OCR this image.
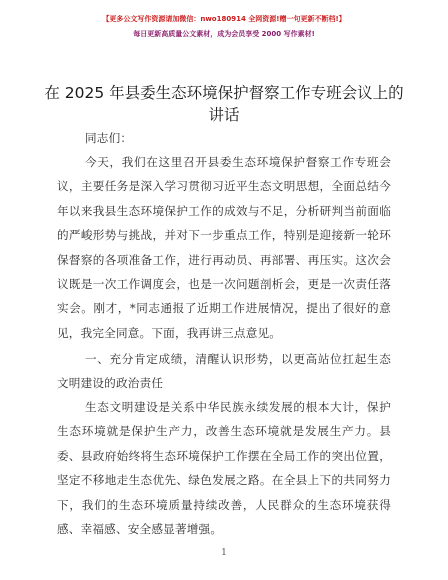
【更多公文写作资源请加微信：nwo180914 全网资源!赠一句更新不断档!】
每日更新高质量公文素材，成为会员享受 2000 写作素材!
在 2025 年县委生态环境保护督察工作专班会议上的讲话
同志们：
今天，我们在这里召开县委生态环境保护督察工作专班会议，主要任务是深入学习贯彻习近平生态文明思想，全面总结今年以来我县生态环境保护工作的成效与不足，分析研判当前面临的严峻形势与挑战，并对下一步重点工作，特别是迎接新一轮环保督察的各项准备工作，进行再动员、再部署、再压实。这次会议既是一次工作调度会，也是一次问题剖析会，更是一次责任落实会。刚才，*同志通报了近期工作进展情况，提出了很好的意见，我完全同意。下面，我再讲三点意见。
一、充分肯定成绩，清醒认识形势，以更高站位扛起生态文明建设的政治责任
生态文明建设是关系中华民族永续发展的根本大计，保护生态环境就是保护生产力，改善生态环境就是发展生产力。县委、县政府始终将生态环境保护工作摆在全局工作的突出位置，坚定不移地走生态优先、绿色发展之路。在全县上下的共同努力下，我们的生态环境质量持续改善，人民群众的生态环境获得感、幸福感、安全感显著增强。
1
